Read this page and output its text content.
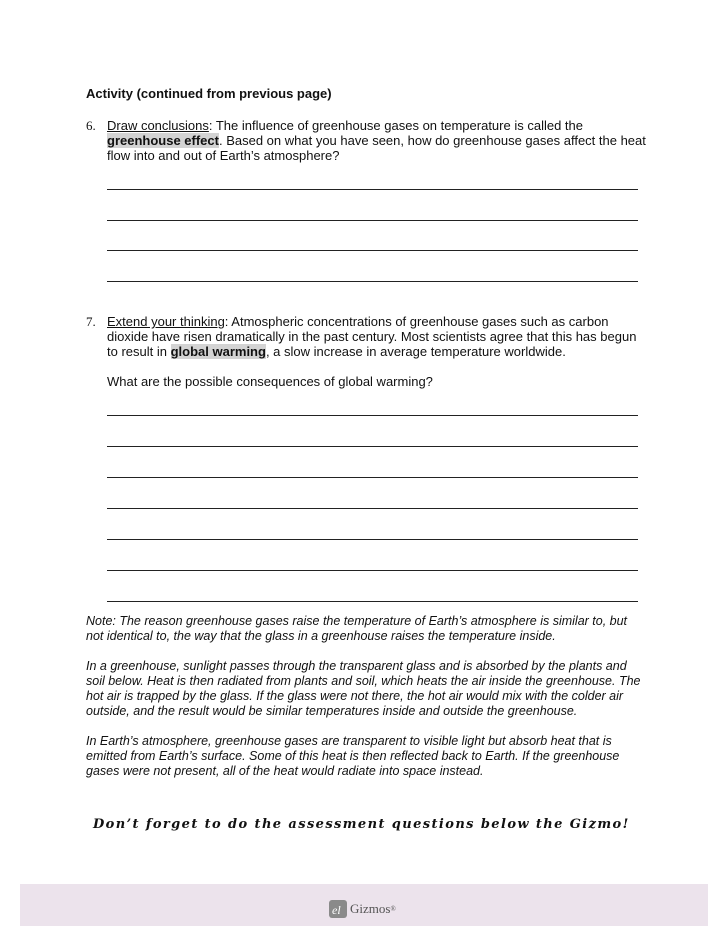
Activity (continued from previous page)
6. Draw conclusions: The influence of greenhouse gases on temperature is called the greenhouse effect. Based on what you have seen, how do greenhouse gases affect the heat flow into and out of Earth’s atmosphere?

7. Extend your thinking: Atmospheric concentrations of greenhouse gases such as carbon dioxide have risen dramatically in the past century. Most scientists agree that this has begun to result in global warming, a slow increase in average temperature worldwide.

What are the possible consequences of global warming?

Note: The reason greenhouse gases raise the temperature of Earth’s atmosphere is similar to, but not identical to, the way that the glass in a greenhouse raises the temperature inside.

In a greenhouse, sunlight passes through the transparent glass and is absorbed by the plants and soil below. Heat is then radiated from plants and soil, which heats the air inside the greenhouse. The hot air is trapped by the glass. If the glass were not there, the hot air would mix with the colder air outside, and the result would be similar temperatures inside and outside the greenhouse.

In Earth’s atmosphere, greenhouse gases are transparent to visible light but absorb heat that is emitted from Earth’s surface. Some of this heat is then reflected back to Earth. If the greenhouse gases were not present, all of the heat would radiate into space instead.

Don’t forget to do the assessment questions below the Gizmo!
el Gizmos ®
